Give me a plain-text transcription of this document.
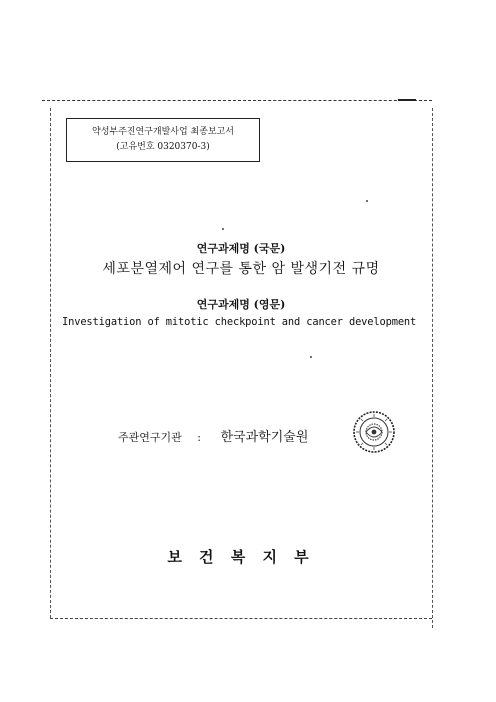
약성부주진연구개발사업 최종보고서
(고유번호 0320370-3)
연구과제명 (국문)
세포분열제어 연구를 통한 암 발생기전 규명
연구과제명 (영문)
Investigation of mitotic checkpoint and cancer development
주관연구기관 : 한국과학기술원
보 건 복 지 부
